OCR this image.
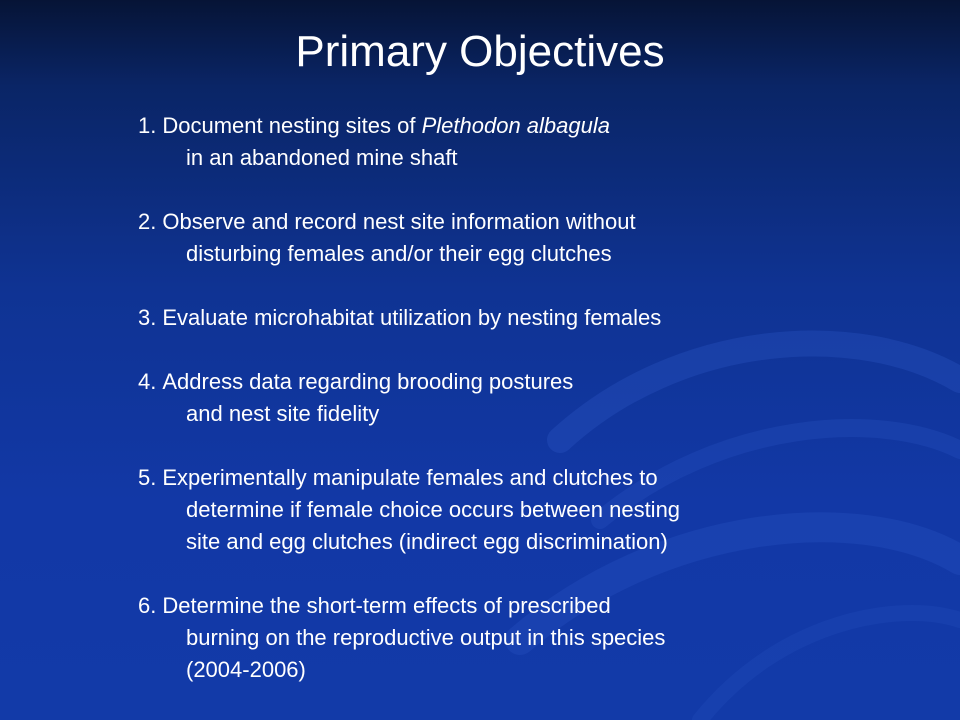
Primary Objectives
1. Document nesting sites of Plethodon albagula
in an abandoned mine shaft
2. Observe and record nest site information without
disturbing females and/or their egg clutches
3. Evaluate microhabitat utilization by nesting females
4. Address data regarding brooding postures
and nest site fidelity
5. Experimentally manipulate females and clutches to
determine if female choice occurs between nesting
site and egg clutches (indirect egg discrimination)
6. Determine the short-term effects of prescribed
burning on the reproductive output in this species
(2004-2006)
